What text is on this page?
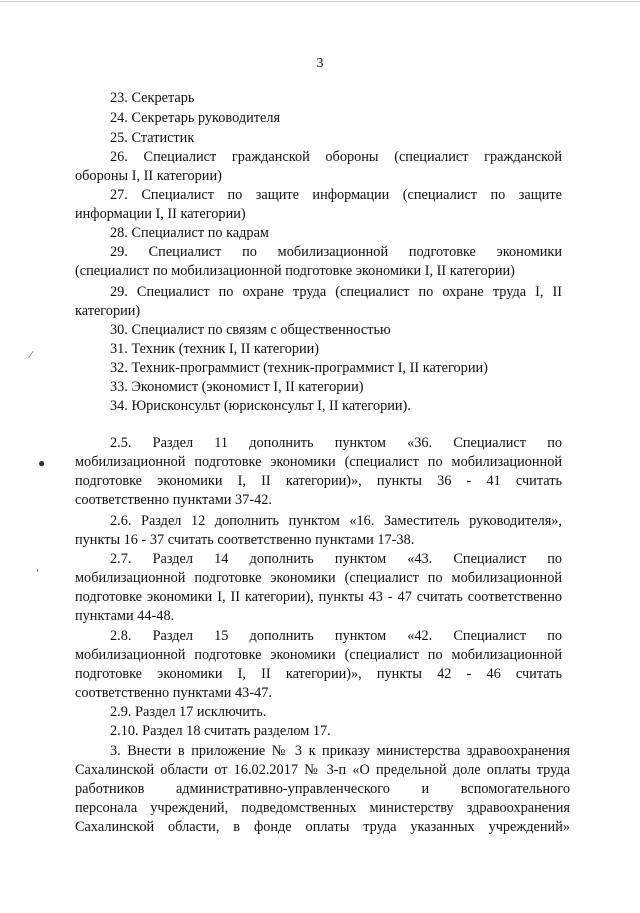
3
23. Секретарь
24. Секретарь руководителя
25. Статистик
26. Специалист гражданской обороны (специалист гражданской
обороны I, II категории)
27. Специалист по защите информации (специалист по защите
информации I, II категории)
28. Специалист по кадрам
29. Специалист по мобилизационной подготовке экономики
(специалист по мобилизационной подготовке экономики I, II категории)
29. Специалист по охране труда (специалист по охране труда I, II
категории)
30. Специалист по связям с общественностью
31. Техник (техник I, II категории)
32. Техник-программист (техник-программист I, II категории)
33. Экономист (экономист I, II категории)
34. Юрисконсульт (юрисконсульт I, II категории).
2.5. Раздел 11 дополнить пунктом «36. Специалист по
мобилизационной подготовке экономики (специалист по мобилизационной
подготовке экономики I, II категории)», пункты 36 - 41 считать
соответственно пунктами 37-42.
2.6. Раздел 12 дополнить пунктом «16. Заместитель руководителя»,
пункты 16 - 37 считать соответственно пунктами 17-38.
2.7. Раздел 14 дополнить пунктом «43. Специалист по
мобилизационной подготовке экономики (специалист по мобилизационной
подготовке экономики I, II категории), пункты 43 - 47 считать соответственно
пунктами 44-48.
2.8. Раздел 15 дополнить пунктом «42. Специалист по
мобилизационной подготовке экономики (специалист по мобилизационной
подготовке экономики I, II категории)», пункты 42 - 46 считать
соответственно пунктами 43-47.
2.9. Раздел 17 исключить.
2.10. Раздел 18 считать разделом 17.
3. Внести в приложение № 3 к приказу министерства здравоохранения
Сахалинской области от 16.02.2017 № 3-п «О предельной доле оплаты труда
работников административно-управленческого и вспомогательного
персонала учреждений, подведомственных министерству здравоохранения
Сахалинской области, в фонде оплаты труда указанных учреждений»
⁄
●
‘
